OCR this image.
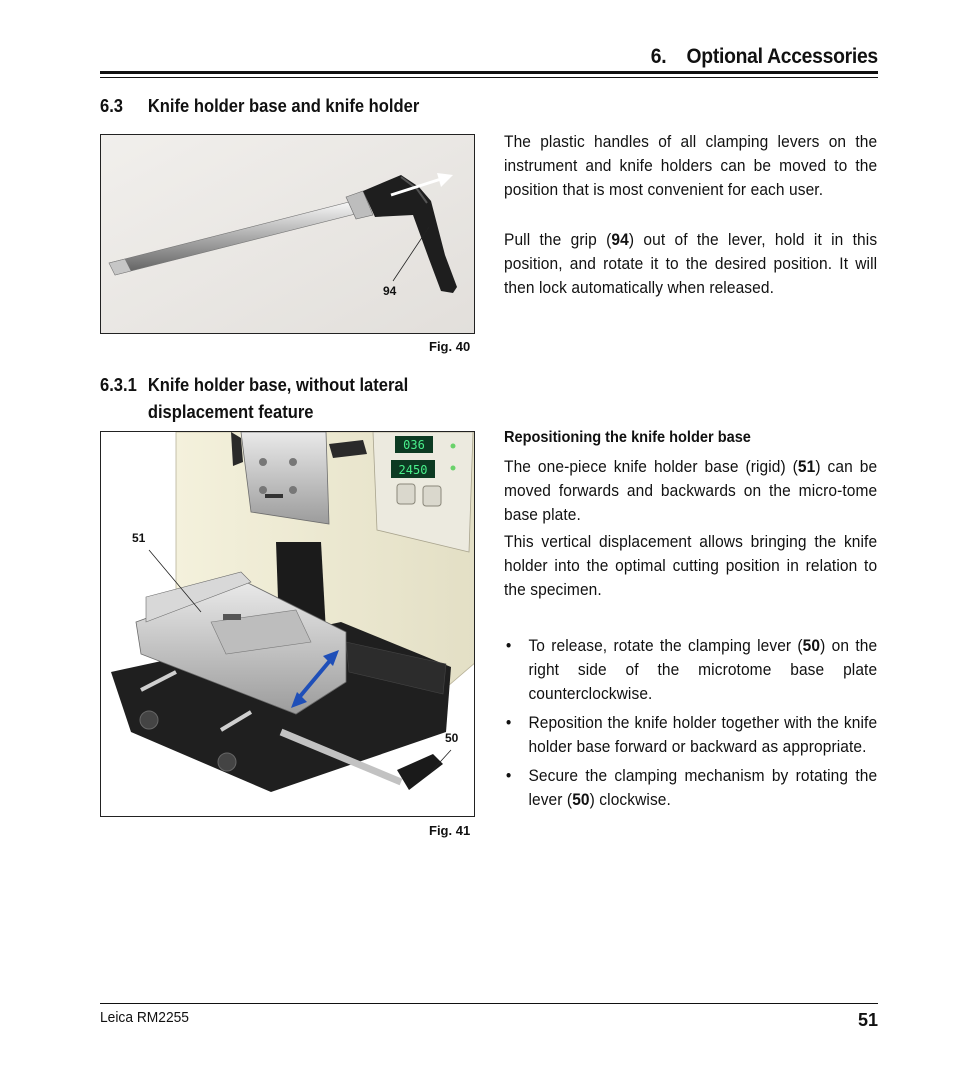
6. Optional Accessories
6.3 Knife holder base and knife holder
94
Fig. 40
The plastic handles of all clamping levers on the instrument and knife holders can be moved to the position that is most convenient for each user.
Pull the grip (94) out of the lever, hold it in this position, and rotate it to the desired position. It will then lock automatically when released.
6.3.1 Knife holder base, without lateral
displacement feature
036
2450
51
50
Fig. 41
Repositioning the knife holder base
The one-piece knife holder base (rigid) (51) can be moved forwards and backwards on the micro-tome base plate.
This vertical displacement allows bringing the knife holder into the optimal cutting position in relation to the specimen.
• To release, rotate the clamping lever (50) on the right side of the microtome base plate counterclockwise.
• Reposition the knife holder together with the knife holder base forward or backward as appropriate.
• Secure the clamping mechanism by rotating the lever (50) clockwise.
Leica RM2255	51
